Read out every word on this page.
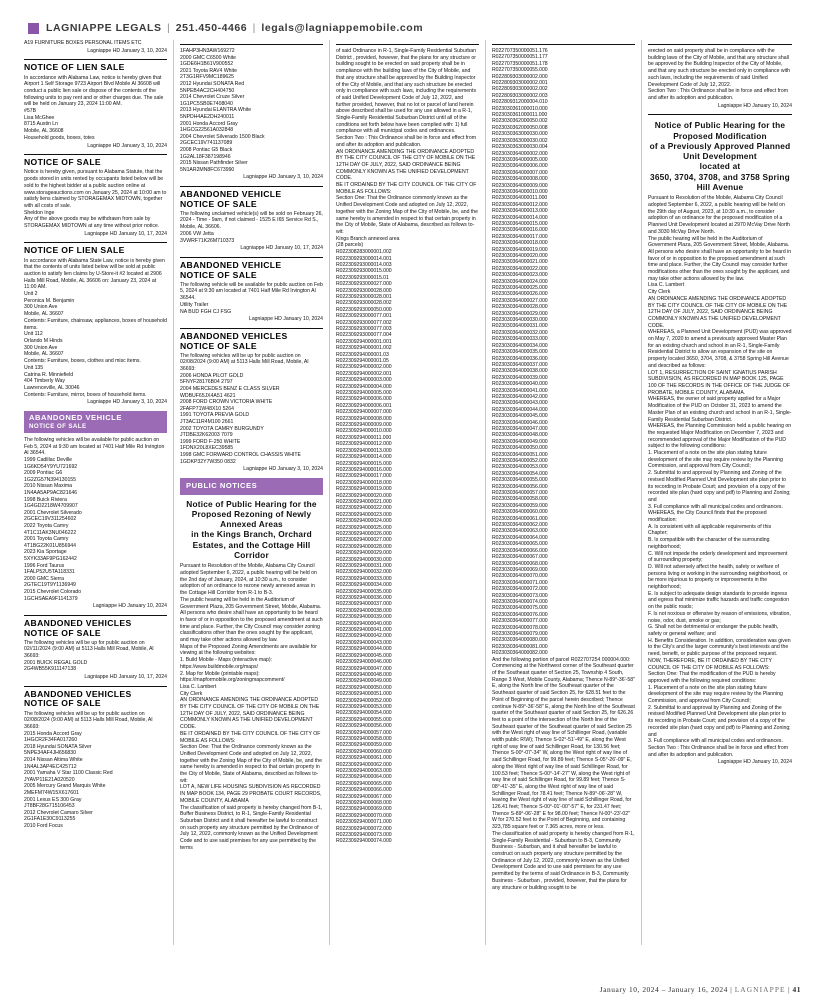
LAGNIAPPE LEGALS | 251.450-4466 | legals@lagniappemobile.com

A19 FURNITURE BOXES PERSONAL ITEMS ETC

Lagniappe HD January 3, 10, 2024
NOTICE OF LIEN SALE

In accordance with Alabama Law, notice is hereby given that Airport 1 Self Storage 9723 Airport Blvd Mobile Al 36608 will conduct a public lien sale or dispose of the contents of the following units to pay rent and or other charges due. The sale will be held on January 23, 2024 11:00 AM.

#57B

Lisa McGhee

8715 Austin Ln

Mobile, AL 36608

Household goods, boxes, totes

Lagniappe HD January 3, 10, 2024
NOTICE OF SALE

Notice is hereby given, pursuant to Alabama Statute, that the goods stored in units rented by occupants listed below will be sold to the highest bidder at a public auction online at www.storageauctions.com on January 25, 2024 at 10:00 am to satisfy liens claimed by STORAGEMAX MIDTOWN, together with all costs of sale.

Sheldon Inge

Any of the above goods may be withdrawn from sale by STORAGEMAX MIDTOWN at any time without prior notice.

Lagniappe HD January 10, 17, 2024
NOTICE OF LIEN SALE

In accordance with Alabama State Law, notice is hereby given that the contents of units listed below will be sold at public auction to satisfy lien claims by U-Store-it #2 located at 2906 Halls Mill Road, Mobile, AL 36606 on: January 23, 2024 at 11:00 AM.

Unit 2

Peronica M. Benjamin

300 Union Ave

Mobile, AL 36607

Contents: Furniture, chainsaw, appliances, boxes of household items.

Unit 112

Orlando M Hinds

300 Union Ave

Mobile, AL 36607

Contents: Furniture, boxes, clothes and misc items.

Unit 135

Catrina R. Minniefield

404 Timberly Way

Lawrenceville, AL 30046

Contents: Furniture, mirror, boxes of household items.

Lagniappe HD January 3, 10, 2024
ABANDONED VEHICLE
NOTICE OF SALE

The following vehicles will be available for public auction on Feb 5, 2024 at 9:30 am located at 7401 Half Mile Rd Irvington Al 36544.

1999 Cadillac Deville
1G6KD54Y9YU721692
2009 Pontiac G6
1G2ZG57N394130155
2010 Nissan Maxima
1N4AA5AP9AC821646
1998 Buick Riviera
1G4GD2218W4709907
2001 Chevrolet Silverado
2GCEC19V311254602
2022 Toyota Camry
4T1C11AK3NU046222
2001 Toyota Camry
4T1BG22K01U856944
2023 Kia Sportage
5XYK33AF9PG162442
1996 Ford Taurus
1FALP52U5TA118331
2000 GMC Sierra
2GTEC19T9Y1136949
2015 Chevrolet Colorado
1GCHSAEA9F1141379
Lagniappe HD January 10, 2024
ABANDONED VEHICLES
NOTICE OF SALE

The following vehicles will be up for public auction on 02//11/2024 (9:00 AM) at 5113 Halls Mill Road, Mobile, Al 36693:

2001 BUICK REGAL GOLD

2G4WB55K911147138

Lagniappe HD January 10, 17, 2024
ABANDONED VEHICLES
NOTICE OF SALE

The following vehicles will be up for public auction on 02/08/2024 (9:00 AM) at 5113 Halls Mill Road, Mobile, Al 36693:

2015 Honda Accord Gray
1HGCR2F34FA017260
2018 Hyundai SONATA Silver
5NPE34AF4JH656830
2014 Nissan Altima White
1N4AL3AP4EC425712
2001 Yamaha V Star 1100 Classic Red
JYAVP11E21A020520
2005 Mercury Grand Marquis White
2MEFM74W15X617601
2001 Lexus ES 300 Gray
JT8BF28G715106453
2012 Chevrolet Camaro Silver
2G1FA1E30C9113255
2010 Ford Focus
1FAHP3HN3AW169272
2000 GMC C6500 White
1GDE6H1B61V900552
2021 Toyota RAV4 White
2T3G1RFV9MC189625
2012 Hyundai SONATA Red
5NPEB4AC2CH404750
2014 Chevrolet Cruze Silver
1G1PC5SB0E7408040
2013 Hyundai ELANTRA White
5NPDH4AE2DH240011
2001 Honda Accord Gray
1HGCG22561A032848
2004 Chevrolet Silverado 1500 Black
2GCEC19V741137089
2008 Pontiac G5 Black
1G2AL18F387198946
2015 Nissan Pathfinder Silver
5N1AR2MN8FC673990
Lagniappe HD January 3, 10, 2024
ABANDONED VEHICLE
NOTICE OF SALE

The following unclaimed vehicle(s) will be sold on February 26, 2024 - Time - 9am, if not claimed - 1525 E I65 Service Rd S., Mobile, AL 36606.

2006 VW Jetta

3VWRF71K26M710373

Lagniappe HD January 10, 17, 2024
ABANDONED VEHICLE
NOTICE OF SALE

The following vehicle will be available for public auction on Feb 5, 2024 at 9:30 am located at 7401 Half Mile Rd Irvington Al 36544.

Utility Trailer

NA BUD FGH CJ FSG

Lagniappe HD January 10, 2024
ABANDONED VEHICLES
NOTICE OF SALE

The following vehicles will be up for public auction on 02/08/2024 (9:00 AM) at 5113 Halls Mill Road, Mobile, Al 36693:

2006 HONDA PILOT GOLD
5FNYF28176B04 2797
2004 MERCEDES BENZ E CLASS SILVER
WDBUF65JX4A51 4621
2008 FORD CROWN VICTORIA WHITE
2FAFP71W48X10 5264
1991 TOYOTA PREVIA GOLD
JT3AC11R4M100 2661
2002 TOYOTA CAMRY BURGUNDY
JTDBE32K62003 7079
1999 FORD F-250 WHITE
1FDNX20L8XEC39585
1998 GMC FORWARD CONTROL CHASSIS WHITE
1GDKP32Y7W350 0832
Lagniappe HD January 3, 10, 2024
PUBLIC NOTICES
Notice of Public Hearing for the Proposed Rezoning of Newly Annexed Areas
in the Kings Branch, Orchard Estates, and the Cottage Hill Corridor

Pursuant to Resolution of the Mobile, Alabama City Council adopted September 6, 2022, a public hearing will be held on the 2nd day of January, 2024, at 10:30 a.m., to consider adoption of an ordinance to rezone newly annexed areas in the Cottage Hill Corridor from R-1 to B-3.

The public hearing will be held in the Auditorium of Government Plaza, 205 Government Street, Mobile, Alabama. All persons who desire shall have an opportunity to be heard in favor of or in opposition to the proposed amendment at such time and place. Further, the City Council may consider zoning classifications other than the ones sought by the applicant, and may take other actions allowed by law.

Maps of the Proposed Zoning Amendments are available for viewing at the following websites:

1. Build Mobile - Maps (interactive map):

https://www.buildmobile.org/maps/

2. Map for Mobile (printable maps):

https://mapformobile.org/zoningmapcomment/

Lisa C. Lambert

City Clerk

AN ORDINANCE AMENDING THE ORDINANCE ADOPTED BY THE CITY COUNCIL OF THE CITY OF MOBILE ON THE 12TH DAY OF JULY, 2022, SAID ORDINANCE BEING COMMONLY KNOWN AS THE UNIFIED DEVELOPMENT CODE.

BE IT ORDAINED BY THE CITY COUNCIL OF THE CITY OF MOBILE AS FOLLOWS:

Section One: That the Ordinance commonly known as the Unified Development Code and adopted on July 12, 2022, together with the Zoning Map of the City of Mobile, be, and the same hereby is amended in respect to that certain property in the City of Mobile, State of Alabama, described as follows to-wit:

LOT A, NEW LIFE HOUSING SUBDIVISION AS RECORDED IN MAP BOOK 134, PAGE 29 PROBATE COURT RECORDS, MOBILE COUNTY, ALABAMA

The classification of said property is hereby changed from B-1, Buffer Business District, to R-1, Single-Family Residential Suburban District and it shall hereafter be lawful to construct on such property any structure permitted by the Ordinance of July 12, 2022, commonly known as the Unified Development Code and to use said premises for any use permitted by the terms

of said Ordinance in R-1, Single-Family Residential Suburban District , provided, however, that the plans for any structure or building sought to be erected on said property shall be in compliance with the building laws of the City of Mobile, and that any structure shall be approved by the Building Inspector of the City of Mobile, and that any such structure be erected only in compliance with such laws, including the requirements of said Unified Development Code of July 12, 2022, and further provided, however, that no lot or parcel of land herein above described shall be used for any use allowed in a R-1, Single-Family Residential Suburban District until all of the conditions set forth below have been complied with: 1) full compliance with all municipal codes and ordinances.

Section Two : This Ordinance shall be in force and effect from and after its adoption and publication.

AN ORDINANCE AMENDING THE ORDINANCE ADOPTED BY THE CITY COUNCIL OF THE CITY OF MOBILE ON THE 12TH DAY OF JULY, 2022, SAID ORDINANCE BEING COMMONLY KNOWN AS THE UNIFIED DEVELOPMENT CODE.

BE IT ORDAINED BY THE CITY COUNCIL OF THE CITY OF MOBILE AS FOLLOWS:

Section One: That the Ordinance commonly known as the Unified Development Code and adopted on July 12, 2022, together with the Zoning Map of the City of Mobile, be, and the same hereby is amended in respect to that certain property in the City of Mobile, State of Alabama, described as follows to-wit:

Kings Branch annexed area

(28 parcels)

R022308283000001.002
R022309293000014.001
R022309293000014.003
R022309293000015.000
R022309293000015.01
R022309293000027.000
R022309293000028.000
R022309293000028.001
R022309293000028.002
R022309293000050.000
R022309293000077.001
R022309293000077.002
R022309293000077.003
R022309293000077.004
R022309294000001.001
R022309294000001.002
R022309294000001.03
R022309294000001.05
R022309294000002.000
R022309294000002.001
R022309294000003.000
R022309294000004.000
R022309294000005.000
R022309294000006.000
R022309294000006.001
R022309294000007.000
R022309294000008.000
R022309294000009.000
R022309294000010.000
R022309294000011.000
R022309294000012.000
R022309294000013.000
R022309294000014.000
R022309294000015.000
R022309294000016.000
R022309294000017.000
R022309294000018.000
R022309294000019.000
R022309294000020.000
R022309294000021.000
R022309294000022.000
R022309294000023.000
R022309294000024.000
R022309294000025.000
R022309294000026.000
R022309294000027.000
R022309294000028.000
R022309294000029.000
R022309294000030.000
R022309294000031.000
R022309294000032.000
R022309294000033.000
R022309294000034.000
R022309294000035.000
R022309294000036.000
R022309294000037.000
R022309294000038.000
R022309294000039.000
R022309294000040.000
R022309294000041.000
R022309294000042.000
R022309294000043.000
R022309294000044.000
R022309294000045.000
R022309294000046.000
R022309294000047.000
R022309294000048.000
R022309294000049.000
R022309294000050.000
R022309294000051.000
R022309294000052.000
R022309294000053.000
R022309294000054.000
R022309294000055.000
R022309294000056.000
R022309294000057.000
R022309294000058.000
R022309294000059.000
R022309294000060.000
R022309294000061.000
R022309294000062.000
R022309294000063.000
R022309294000064.000
R022309294000065.000
R022309294000066.000
R022309294000067.000
R022309294000068.000
R022309294000069.000
R022309294000070.000
R022309294000071.000
R022309294000072.000
R022309294000073.000
R022309294000074.000
R022707350000051.176
R022707350000051.177
R022707350000051.178
R022707350000055.000
R022809303000002.000
R022809303000002.001
R022809303000002.002
R022809303000002.003
R022809312000004.010
R023030361000010.000
R023030361000011.000
R023030362000050.002
R023030362000050.008
R023030363000030.000
R023030363000030.002
R023030363000030.004
R023030364000002.000
R023030364000005.000
R023030364000006.000
R023030364000007.000
R023030364000008.000
R023030364000009.000
R023030364000010.000
R023030364000011.000
R023030364000012.000
R023030364000013.000
R023030364000014.000
R023030364000015.000
R023030364000016.000
R023030364000017.000
R023030364000018.000
R023030364000019.000
R023030364000020.000
R023030364000021.000
R023030364000022.000
R023030364000023.000
R023030364000024.000
R023030364000025.000
R023030364000026.000
R023030364000027.000
R023030364000028.000
R023030364000029.000
R023030364000030.000
R023030364000031.000
R023030364000032.000
R023030364000033.000
R023030364000034.000
R023030364000035.000
R023030364000036.000
R023030364000037.000
R023030364000038.000
R023030364000039.000
R023030364000040.000
R023030364000041.000
R023030364000042.000
R023030364000043.000
R023030364000044.000
R023030364000045.000
R023030364000046.000
R023030364000047.000
R023030364000048.000
R023030364000049.000
R023030364000050.000
R023030364000051.000
R023030364000052.000
R023030364000053.000
R023030364000054.000
R023030364000055.000
R023030364000056.000
R023030364000057.000
R023030364000058.000
R023030364000059.000
R023030364000060.000
R023030364000061.000
R023030364000062.000
R023030364000063.000
R023030364000064.000
R023030364000065.000
R023030364000066.000
R023030364000067.000
R023030364000068.000
R023030364000069.000
R023030364000070.000
R023030364000071.000
R023030364000072.000
R023030364000073.000
R023030364000074.000
R023030364000075.000
R023030364000076.000
R023030364000077.000
R023030364000078.000
R023030364000079.000
R023030364000080.000
R023030364000081.000
R023030364000082.000

And the following portion of parcel R022707254 000004.000:

Commencing at the Northwest corner of the Southeast quarter of the Southeast quarter of Section 25, Township 4 South, Range 3 West, Mobile County, Alabama; Thence N-89°-36'-58" E, along the North line of the Southeast quarter of the Southeast quarter of said Section 25, for 628.51 feet to the Point of Beginning of the parcel herein described; Thence continue N-89°-36'-58" E, along the North line of the Southeast quarter of the Southeast quarter of said Section 25, for 626.26 feet to a point of the intersection of the North line of the Southeast quarter of the Southeast quarter of said Section 25 with the West right of way line of Schillinger Road, (variable width public R\W); Thence S-02°-51'-49" E, along the West right of way line of said Schillinger Road, for 130.56 feet; Thence S-00°-07'-34" W, along the West right of way line of said Schillinger Road, for 99.89 feet; Thence S-05°-26'-09" E, along the West right of way line of said Schillinger Road, for 100.53 feet; Thence S-00°-14'-27" W, along the West right of way line of said Schillinger Road, for 99.89 feet; Thence S-08°-41'-35" E, along the West right of way line of said Schillinger Road, for 78.41 feet; Thence N-89°-06'-28" W, leaving the West right of way line of said Schillinger Road, for 126.41 feet; Thence S-00°-01'-00"-57" E, for 231.47 feet; Thence S-89°-06'-28" E for 98.00 feet; Thence N-00°-23'-02" W for 270.52 feet to the Point of Beginning, and containing 323,785 square feet or 7.365 acres, more or less.

The classification of said property is hereby changed from R-1, Single-Family Residential - Suburban to B-3, Community Business - Suburban, and it shall hereafter be lawful to construct on such property any structure permitted by the Ordinance of July 12, 2022, commonly known as the Unified Development Code and to use said premises for any use permitted by the terms of said Ordinance in B-3, Community Business - Suburban , provided, however, that the plans for any structure or building sought to be

erected on said property shall be in compliance with the building laws of the City of Mobile, and that any structure shall be approved by the Building Inspector of the City of Mobile, and that any such structure be erected only in compliance with such laws, including the requirements of said Unified Development Code of July 12, 2022.

Section Two : This Ordinance shall be in force and effect from and after its adoption and publication.

Lagniappe HD January 10, 2024
Notice of Public Hearing for the Proposed Modification
of a Previously Approved Planned Unit Development
located at
3650, 3704, 3708, and 3758 Spring Hill Avenue

Pursuant to Resolution of the Mobile, Alabama City Council adopted September 6, 2022, a public hearing will be held on the 29th day of August, 2023, at 10:30 a.m., to consider adoption of an ordinance for the proposed modification of a Planned Unit Development located at 2970 McVay Drive North and 3030 McVay Drive North.

The public hearing will be held in the Auditorium of Government Plaza, 205 Government Street, Mobile, Alabama. All persons who desire shall have an opportunity to be heard in favor of or in opposition to the proposed amendment at such time and place. Further, the City Council may consider further modifications other than the ones sought by the applicant, and may take other actions allowed by the law.

Lisa C. Lambert

City Clerk

AN ORDINANCE AMENDING THE ORDINANCE ADOPTED BY THE CITY COUNCIL OF THE CITY OF MOBILE ON THE 12TH DAY OF JULY, 2022, SAID ORDINANCE BEING COMMONLY KNOWN AS THE UNIFIED DEVELOPMENT CODE.

WHEREAS, a Planned Unit Development (PUD) was approved on May 7, 2020 to amend a previously approved Master Plan for an existing church and school in an R-1, Single-Family Residential District to allow an expansion of the site on property located 3650, 3704, 3708, & 3758 Spring Hill Avenue and described as follows:

LOT 1, RESURRECTION OF SAINT IGNATIUS PARISH SUBDIVISION, AS RECORDED IN MAP BOOK 125, PAGE 100 OF THE RECORDS IN THE OFFICE OF THE JUDGE OF PROBATE, MOBILE COUNTY, ALABAMA.

WHEREAS, the owner of said property applied for a Major Modification of the PUD on October 31, 2023 to amend the Master Plan of an existing church and school in an R-1, Single-Family Residential Suburban District.

WHEREAS, the Planning Commission held a public hearing on the requested Major Modification on December 7, 2023 and recommended approval of the Major Modification of the PUD subject to the following conditions:

1. Placement of a note on the site plan stating future development of the site may require review by the Planning Commission, and approval from City Council;

2. Submittal to and approval by Planning and Zoning of the revised Modified Planned Unit Development site plan prior to its recording in Probate Court; and provision of a copy of the recorded site plan (hard copy and pdf) to Planning and Zoning; and

3. Full compliance with all municipal codes and ordinances.

WHEREAS, the City Council finds that the proposed modification:

A. Is consistent with all applicable requirements of this Chapter;

B. Is compatible with the character of the surrounding neighborhood;

C. Will not impede the orderly development and improvement of surrounding property;

D. Will not adversely affect the health, safety or welfare of persons living or working in the surrounding neighborhood, or be more injurious to property or improvements in the neighborhood;

E. Is subject to adequate design standards to provide ingress and egress that minimize traffic hazards and traffic congestion on the public roads;

F. Is not noxious or offensive by reason of emissions, vibration, noise, odor, dust, smoke or gas;

G. Shall not be detrimental or endanger the public health, safety or general welfare; and

H. Benefits Consideration. In addition, consideration was given to the City's and the larger community's best interests and the need, benefit, or public purpose of the proposed request.

NOW, THEREFORE, BE IT ORDAINED BY THE CITY COUNCIL OF THE CITY OF MOBILE AS FOLLOWS:

Section One: That the modification of the PUD is hereby approved with the following required conditions:

1. Placement of a note on the site plan stating future development of the site may require review by the Planning Commission, and approval from City Council;

2. Submittal to and approval by Planning and Zoning of the revised Modified Planned Unit Development site plan prior to its recording in Probate Court; and provision of a copy of the recorded site plan (hard copy and pdf) to Planning and Zoning; and

3. Full compliance with all municipal codes and ordinances.

Section Two : This Ordinance shall be in force and effect from and after its adoption and publication.

Lagniappe HD January 10, 2024
January 10, 2024 – January 16, 2024 | LAGNIAPPE | 41
